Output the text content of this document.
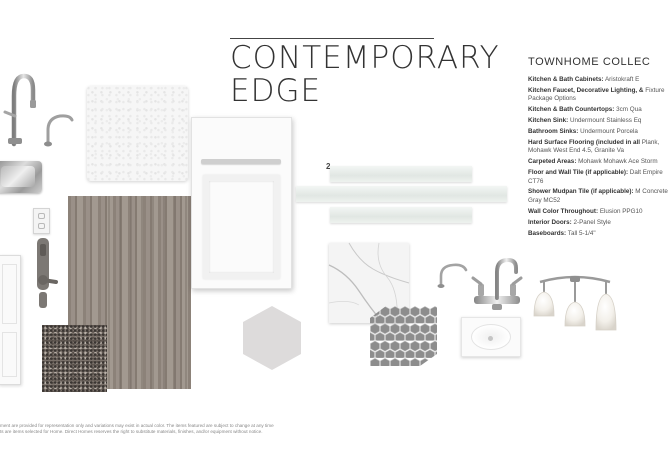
CONTEMPORARY
EDGE
TOWNHOME COLLEC
Kitchen & Bath Cabinets: Aristokraft E
Kitchen Faucet, Decorative Lighting, & Fixture Package Options
Kitchen & Bath Countertops: 3cm Qua
Kitchen Sink: Undermount Stainless Eq
Bathroom Sinks: Undermount Porcela
Hard Surface Flooring (included in all Plank, Mohawk West End 4.5, Granite Va
Carpeted Areas: Mohawk Mohawk Ace Storm
Floor and Wall Tile (if applicable): Dalt Empire CT76
Shower Mudpan Tile (if applicable): M Concrete Gray MC52
Wall Color Throughout: Elusion PPG10
Interior Doors: 2-Panel Style
Baseboards: Tall 5-1/4"
2
ment are provided for representation only and variations may exist in actual color. The items featured are subject to change at any time
ts are items selected for Home. Direct Homes reserves the right to substitute materials, finishes, and/or equipment without notice.
